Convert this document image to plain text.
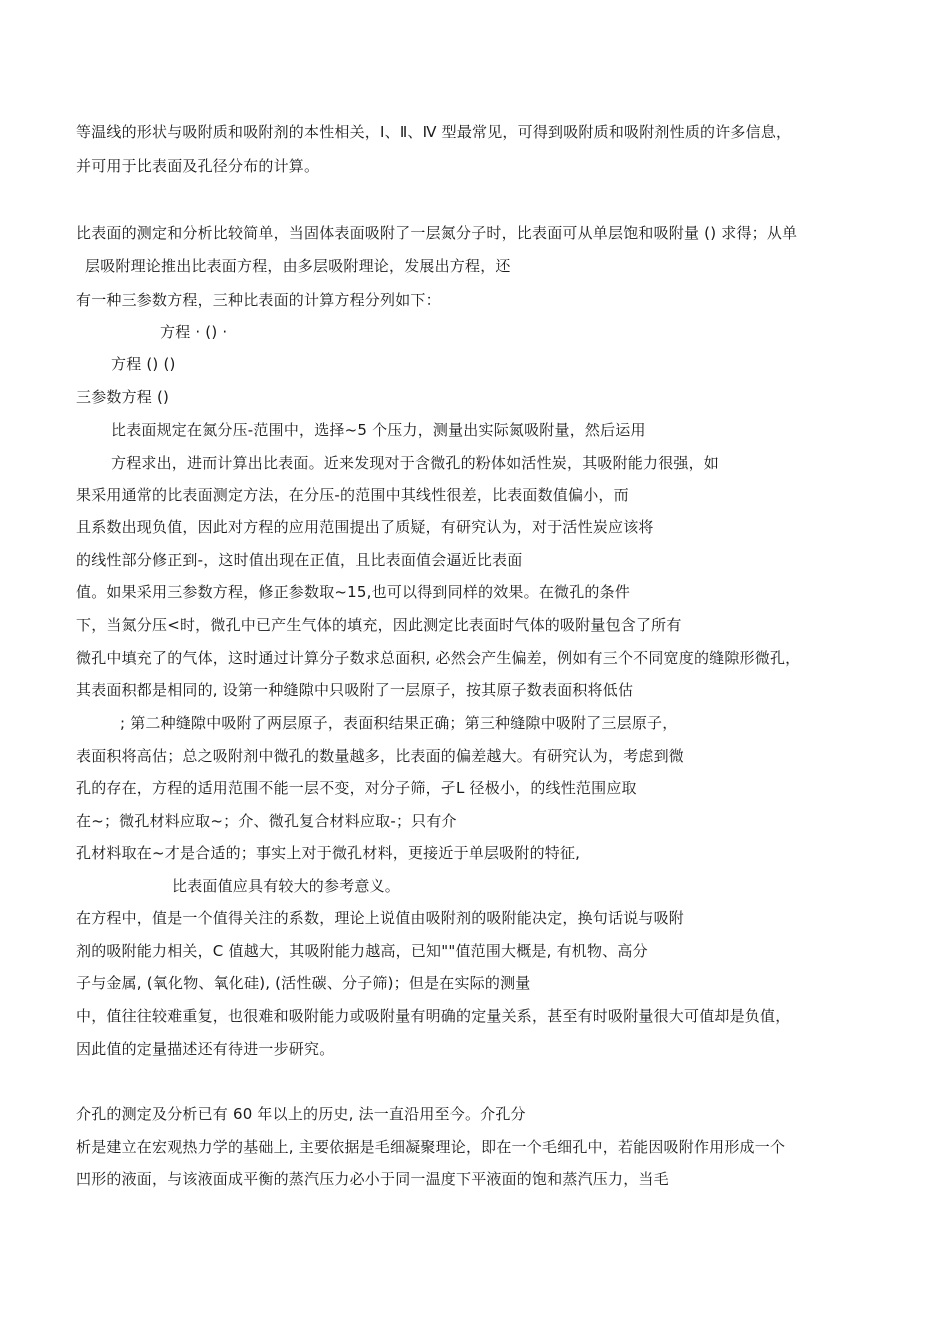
等温线的形状与吸附质和吸附剂的本性相关，Ⅰ、Ⅱ、Ⅳ 型最常见，可得到吸附质和吸附剂性质的许多信息，
并可用于比表面及孔径分布的计算。
比表面的测定和分析比较简单，当固体表面吸附了一层氮分子时，比表面可从单层饱和吸附量 () 求得；从单
层吸附理论推出比表面方程，由多层吸附理论，发展出方程，还
有一种三参数方程，三种比表面的计算方程分列如下：
方程 · () ·
方程 () ()
三参数方程 ()
比表面规定在氮分压-范围中，选择~5 个压力，测量出实际氮吸附量，然后运用
方程求出，进而计算出比表面。近来发现对于含微孔的粉体如活性炭，其吸附能力很强，如
果采用通常的比表面测定方法，在分压-的范围中其线性很差，比表面数值偏小，而
且系数出现负值，因此对方程的应用范围提出了质疑，有研究认为，对于活性炭应该将
的线性部分修正到-，这时值出现在正值，且比表面值会逼近比表面
值。如果采用三参数方程，修正参数取~15,也可以得到同样的效果。在微孔的条件
下，当氮分压<时，微孔中已产生气体的填充，因此测定比表面时气体的吸附量包含了所有
微孔中填充了的气体，这时通过计算分子数求总面积, 必然会产生偏差，例如有三个不同宽度的缝隙形微孔，
其表面积都是相同的, 设第一种缝隙中只吸附了一层原子，按其原子数表面积将低估
; 第二种缝隙中吸附了两层原子，表面积结果正确；第三种缝隙中吸附了三层原子，
表面积将高估；总之吸附剂中微孔的数量越多，比表面的偏差越大。有研究认为，考虑到微
孔的存在，方程的适用范围不能一层不变，对分子筛，孑L 径极小，的线性范围应取
在~；微孔材料应取~；介、微孔复合材料应取-；只有介
孔材料取在~才是合适的；事实上对于微孔材料，更接近于单层吸附的特征,
比表面值应具有较大的参考意义。
在方程中，值是一个值得关注的系数，理论上说值由吸附剂的吸附能决定，换句话说与吸附
剂的吸附能力相关，C 值越大，其吸附能力越高，已知""值范围大概是, 有机物、高分
子与金属, (氧化物、氧化硅), (活性碳、分子筛)；但是在实际的测量
中，值往往较难重复，也很难和吸附能力或吸附量有明确的定量关系，甚至有时吸附量很大可值却是负值，
因此值的定量描述还有待进一步研究。
介孔的测定及分析已有 60 年以上的历史, 法一直沿用至今。介孔分
析是建立在宏观热力学的基础上, 主要依据是毛细凝聚理论，即在一个毛细孔中，若能因吸附作用形成一个
凹形的液面，与该液面成平衡的蒸汽压力必小于同一温度下平液面的饱和蒸汽压力，当毛
